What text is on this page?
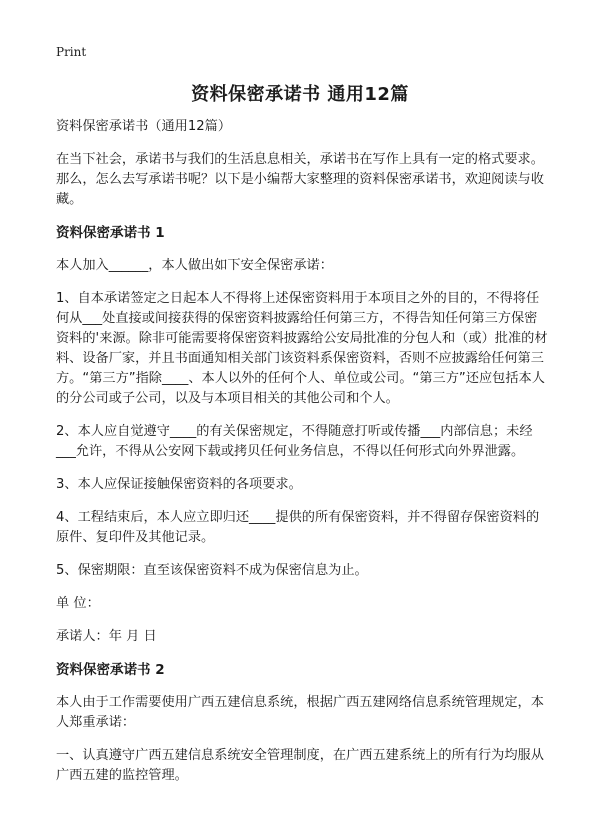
Print
资料保密承诺书 通用12篇

资料保密承诺书（通用12篇）

在当下社会，承诺书与我们的生活息息相关，承诺书在写作上具有一定的格式要求。那么，怎么去写承诺书呢？以下是小编帮大家整理的资料保密承诺书，欢迎阅读与收藏。

资料保密承诺书 1

本人加入______，本人做出如下安全保密承诺：

1、自本承诺签定之日起本人不得将上述保密资料用于本项目之外的目的，不得将任何从___处直接或间接获得的保密资料披露给任何第三方，不得告知任何第三方保密资料的'来源。除非可能需要将保密资料披露给公安局批准的分包人和（或）批准的材料、设备厂家，并且书面通知相关部门该资料系保密资料，否则不应披露给任何第三方。“第三方”指除____、本人以外的任何个人、单位或公司。“第三方”还应包括本人的分公司或子公司，以及与本项目相关的其他公司和个人。

2、本人应自觉遵守____的有关保密规定，不得随意打听或传播___内部信息；未经___允许，不得从公安网下载或拷贝任何业务信息，不得以任何形式向外界泄露。

3、本人应保证接触保密资料的各项要求。

4、工程结束后，本人应立即归还____提供的所有保密资料，并不得留存保密资料的原件、复印件及其他记录。

5、保密期限：直至该保密资料不成为保密信息为止。

单 位：

承诺人：年 月 日

资料保密承诺书 2

本人由于工作需要使用广西五建信息系统，根据广西五建网络信息系统管理规定，本人郑重承诺：

一、认真遵守广西五建信息系统安全管理制度，在广西五建系统上的所有行为均服从广西五建的监控管理。
